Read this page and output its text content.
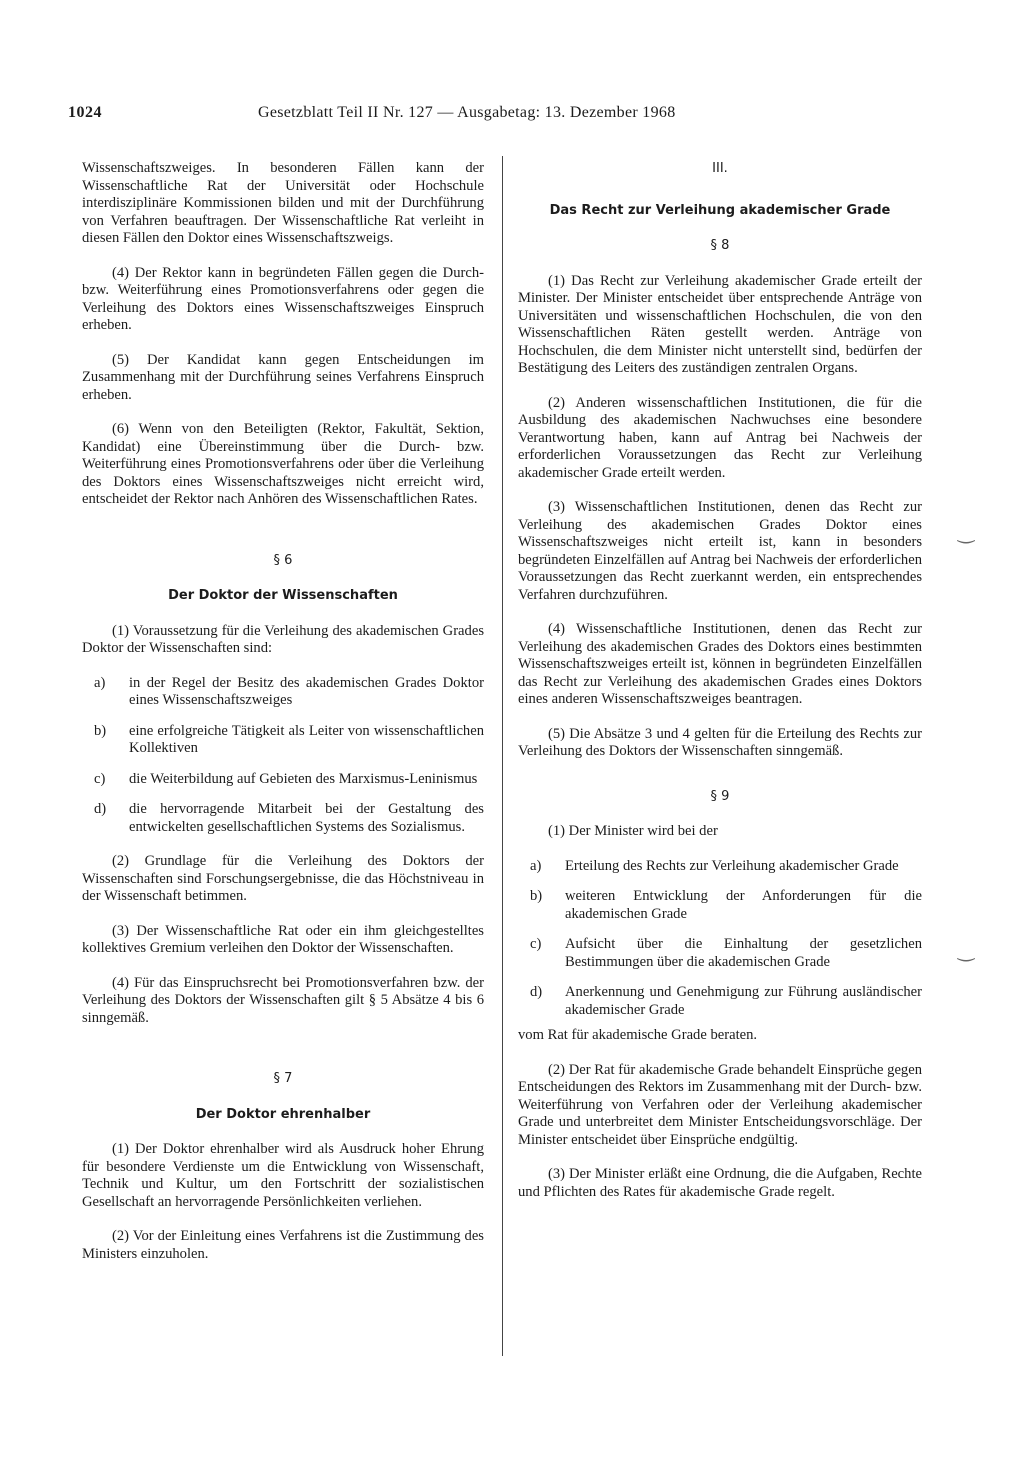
1024	Gesetzblatt Teil II Nr. 127 — Ausgabetag: 13. Dezember 1968

Wissenschaftszweiges. In besonderen Fällen kann der Wissenschaftliche Rat der Universität oder Hochschule interdisziplinäre Kommissionen bilden und mit der Durchführung von Verfahren beauftragen. Der Wissenschaftliche Rat verleiht in diesen Fällen den Doktor eines Wissenschaftszweigs.

(4) Der Rektor kann in begründeten Fällen gegen die Durch- bzw. Weiterführung eines Promotionsverfahrens oder gegen die Verleihung des Doktors eines Wissenschaftszweiges Einspruch erheben.

(5) Der Kandidat kann gegen Entscheidungen im Zusammenhang mit der Durchführung seines Verfahrens Einspruch erheben.

(6) Wenn von den Beteiligten (Rektor, Fakultät, Sektion, Kandidat) eine Übereinstimmung über die Durch- bzw. Weiterführung eines Promotionsverfahrens oder über die Verleihung des Doktors eines Wissenschaftszweiges nicht erreicht wird, entscheidet der Rektor nach Anhören des Wissenschaftlichen Rates.

§ 6
Der Doktor der Wissenschaften

(1) Voraussetzung für die Verleihung des akademischen Grades Doktor der Wissenschaften sind:

a)	in der Regel der Besitz des akademischen Grades Doktor eines Wissenschaftszweiges
b)	eine erfolgreiche Tätigkeit als Leiter von wissenschaftlichen Kollektiven
c)	die Weiterbildung auf Gebieten des Marxismus-Leninismus
d)	die hervorragende Mitarbeit bei der Gestaltung des entwickelten gesellschaftlichen Systems des Sozialismus.

(2) Grundlage für die Verleihung des Doktors der Wissenschaften sind Forschungsergebnisse, die das Höchstniveau in der Wissenschaft betimmen.

(3) Der Wissenschaftliche Rat oder ein ihm gleichgestelltes kollektives Gremium verleihen den Doktor der Wissenschaften.

(4) Für das Einspruchsrecht bei Promotionsverfahren bzw. der Verleihung des Doktors der Wissenschaften gilt § 5 Absätze 4 bis 6 sinngemäß.

§ 7
Der Doktor ehrenhalber

(1) Der Doktor ehrenhalber wird als Ausdruck hoher Ehrung für besondere Verdienste um die Entwicklung von Wissenschaft, Technik und Kultur, um den Fortschritt der sozialistischen Gesellschaft an hervorragende Persönlichkeiten verliehen.

(2) Vor der Einleitung eines Verfahrens ist die Zustimmung des Ministers einzuholen.

III.
Das Recht zur Verleihung akademischer Grade
§ 8

(1) Das Recht zur Verleihung akademischer Grade erteilt der Minister. Der Minister entscheidet über entsprechende Anträge von Universitäten und wissenschaftlichen Hochschulen, die von den Wissenschaftlichen Räten gestellt werden. Anträge von Hochschulen, die dem Minister nicht unterstellt sind, bedürfen der Bestätigung des Leiters des zuständigen zentralen Organs.

(2) Anderen wissenschaftlichen Institutionen, die für die Ausbildung des akademischen Nachwuchses eine besondere Verantwortung haben, kann auf Antrag bei Nachweis der erforderlichen Voraussetzungen das Recht zur Verleihung akademischer Grade erteilt werden.

(3) Wissenschaftlichen Institutionen, denen das Recht zur Verleihung des akademischen Grades Doktor eines Wissenschaftszweiges nicht erteilt ist, kann in besonders begründeten Einzelfällen auf Antrag bei Nachweis der erforderlichen Voraussetzungen das Recht zuerkannt werden, ein entsprechendes Verfahren durchzuführen.

(4) Wissenschaftliche Institutionen, denen das Recht zur Verleihung des akademischen Grades des Doktors eines bestimmten Wissenschaftszweiges erteilt ist, können in begründeten Einzelfällen das Recht zur Verleihung des akademischen Grades eines Doktors eines anderen Wissenschaftszweiges beantragen.

(5) Die Absätze 3 und 4 gelten für die Erteilung des Rechts zur Verleihung des Doktors der Wissenschaften sinngemäß.

§ 9

(1) Der Minister wird bei der

a)	Erteilung des Rechts zur Verleihung akademischer Grade
b)	weiteren Entwicklung der Anforderungen für die akademischen Grade
c)	Aufsicht über die Einhaltung der gesetzlichen Bestimmungen über die akademischen Grade
d)	Anerkennung und Genehmigung zur Führung ausländischer akademischer Grade

vom Rat für akademische Grade beraten.

(2) Der Rat für akademische Grade behandelt Einsprüche gegen Entscheidungen des Rektors im Zusammenhang mit der Durch- bzw. Weiterführung von Verfahren oder der Verleihung akademischer Grade und unterbreitet dem Minister Entscheidungsvorschläge. Der Minister entscheidet über Einsprüche endgültig.

(3) Der Minister erläßt eine Ordnung, die die Aufgaben, Rechte und Pflichten des Rates für akademische Grade regelt.

‿
‿
